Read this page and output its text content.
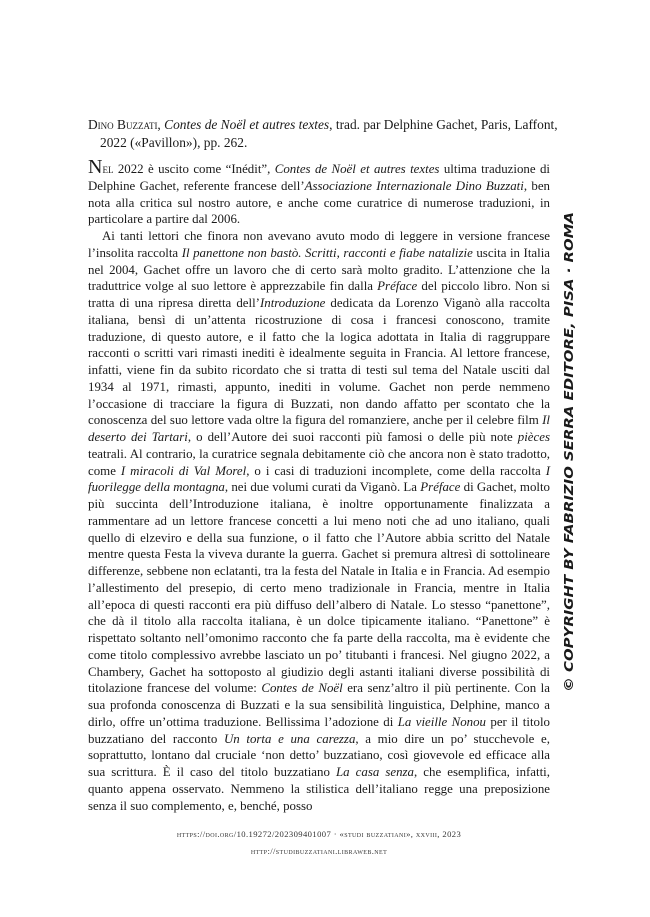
Dino Buzzati, Contes de Noël et autres textes, trad. par Delphine Gachet, Paris, Laffont, 2022 («Pavillon»), pp. 262.

Nel 2022 è uscito come “Inédit”, Contes de Noël et autres textes ultima traduzione di Delphine Gachet, referente francese dell’Associazione Internazionale Dino Buzzati, ben nota alla critica sul nostro autore, e anche come curatrice di numerose traduzioni, in particolare a partire dal 2006.

Ai tanti lettori che finora non avevano avuto modo di leggere in versione francese l’insolita raccolta Il panettone non bastò. Scritti, racconti e fiabe natalizie uscita in Italia nel 2004, Gachet offre un lavoro che di certo sarà molto gradito. L’attenzione che la traduttrice volge al suo lettore è apprezzabile fin dalla Préface del piccolo libro. Non si tratta di una ripresa diretta dell’Introduzione dedicata da Lorenzo Viganò alla raccolta italiana, bensì di un’attenta ricostruzione di cosa i francesi conoscono, tramite traduzione, di questo autore, e il fatto che la logica adottata in Italia di raggruppare racconti o scritti vari rimasti inediti è idealmente seguita in Francia. Al lettore francese, infatti, viene fin da subito ricordato che si tratta di testi sul tema del Natale usciti dal 1934 al 1971, rimasti, appunto, inediti in volume. Gachet non perde nemmeno l’occasione di tracciare la figura di Buzzati, non dando affatto per scontato che la conoscenza del suo lettore vada oltre la figura del romanziere, anche per il celebre film Il deserto dei Tartari, o dell’Autore dei suoi racconti più famosi o delle più note pièces teatrali. Al contrario, la curatrice segnala debitamente ciò che ancora non è stato tradotto, come I miracoli di Val Morel, o i casi di traduzioni incomplete, come della raccolta I fuorilegge della montagna, nei due volumi curati da Viganò. La Préface di Gachet, molto più succinta dell’Introduzione italiana, è inoltre opportunamente finalizzata a rammentare ad un lettore francese concetti a lui meno noti che ad uno italiano, quali quello di elzeviro e della sua funzione, o il fatto che l’Autore abbia scritto del Natale mentre questa Festa la viveva durante la guerra. Gachet si premura altresì di sottolineare differenze, sebbene non eclatanti, tra la festa del Natale in Italia e in Francia. Ad esempio l’allestimento del presepio, di certo meno tradizionale in Francia, mentre in Italia all’epoca di questi racconti era più diffuso dell’albero di Natale. Lo stesso “panettone”, che dà il titolo alla raccolta italiana, è un dolce tipicamente italiano. “Panettone” è rispettato soltanto nell’omonimo racconto che fa parte della raccolta, ma è evidente che come titolo complessivo avrebbe lasciato un po’ titubanti i francesi. Nel giugno 2022, a Chambery, Gachet ha sottoposto al giudizio degli astanti italiani diverse possibilità di titolazione francese del volume: Contes de Noël era senz’altro il più pertinente. Con la sua profonda conoscenza di Buzzati e la sua sensibilità linguistica, Delphine, manco a dirlo, offre un’ottima traduzione. Bellissima l’adozione di La vieille Nonou per il titolo buzzatiano del racconto Un torta e una carezza, a mio dire un po’ stucchevole e, soprattutto, lontano dal cruciale ‘non detto’ buzzatiano, così giovevole ed efficace alla sua scrittura. È il caso del titolo buzzatiano La casa senza, che esemplifica, infatti, quanto appena osservato. Nemmeno la stilistica dell’italiano regge una preposizione senza il suo complemento, e, benché, posso

https://doi.org/10.19272/202309401007 · «studi buzzatiani», xxviii, 2023
http://studibuzzatiani.libraweb.net
© COPYRIGHT BY FABRIZIO SERRA EDITORE, PISA · ROMA
